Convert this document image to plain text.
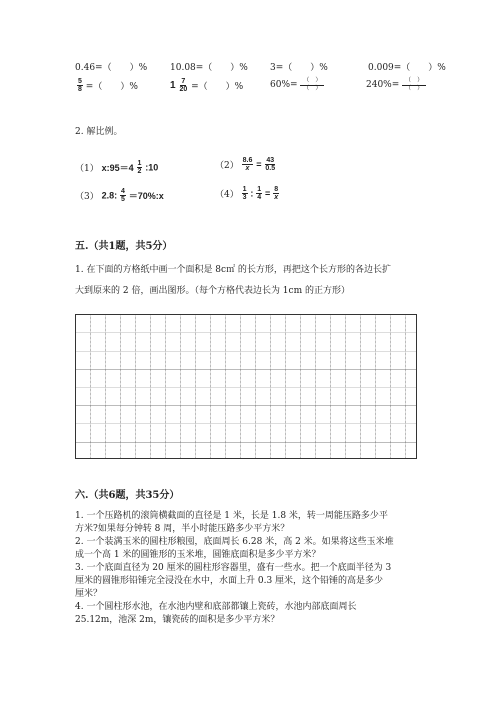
0.46=（　　）%	10.08=（　　）% 3=（　　）%	0.009=（　　）%
$\frac{5}{8}$ =（　　）%	$1 \frac{7}{20}$ =（　　）%	$60\%= \frac{( )}{( )}$	$240\%= \frac{( )}{( )}$
2. 解比例。
（1） x:95＝4 $\frac{1}{2}$ :10	$(2) \frac{8.6}{x} = \frac{43}{0.5}$
（3） 2.8: $\frac{4}{5}$ ＝70%:x	$(4) \frac{1}{3}$ : $\frac{1}{4} = \frac{8}{x}$
五.（共1题，共5分）
1. 在下面的方格纸中画一个面积是 8c㎡ 的长方形，再把这个长方形的各边长扩
大到原来的 2 倍，画出图形。（每个方格代表边长为 1cm 的正方形）
六.（共6题，共35分）
1. 一个压路机的滚筒横截面的直径是 1 米，长是 1.8 米，转一周能压路多少平
方米?如果每分钟转 8 周，半小时能压路多少平方米？
2. 一个装满玉米的圆柱形粮囤，底面周长 6.28 米，高 2 米。如果将这些玉米堆
成一个高 1 米的圆锥形的玉米堆，圆锥底面积是多少平方米？
3. 一个底面直径为 20 厘米的圆柱形容器里，盛有一些水。把一个底面半径为 3
厘米的圆锥形铅锤完全浸没在水中，水面上升 0.3 厘米，这个铅锤的高是多少
厘米？
4. 一个圆柱形水池，在水池内壁和底部都镶上瓷砖，水池内部底面周长
25.12m，池深 2m，镶瓷砖的面积是多少平方米？
